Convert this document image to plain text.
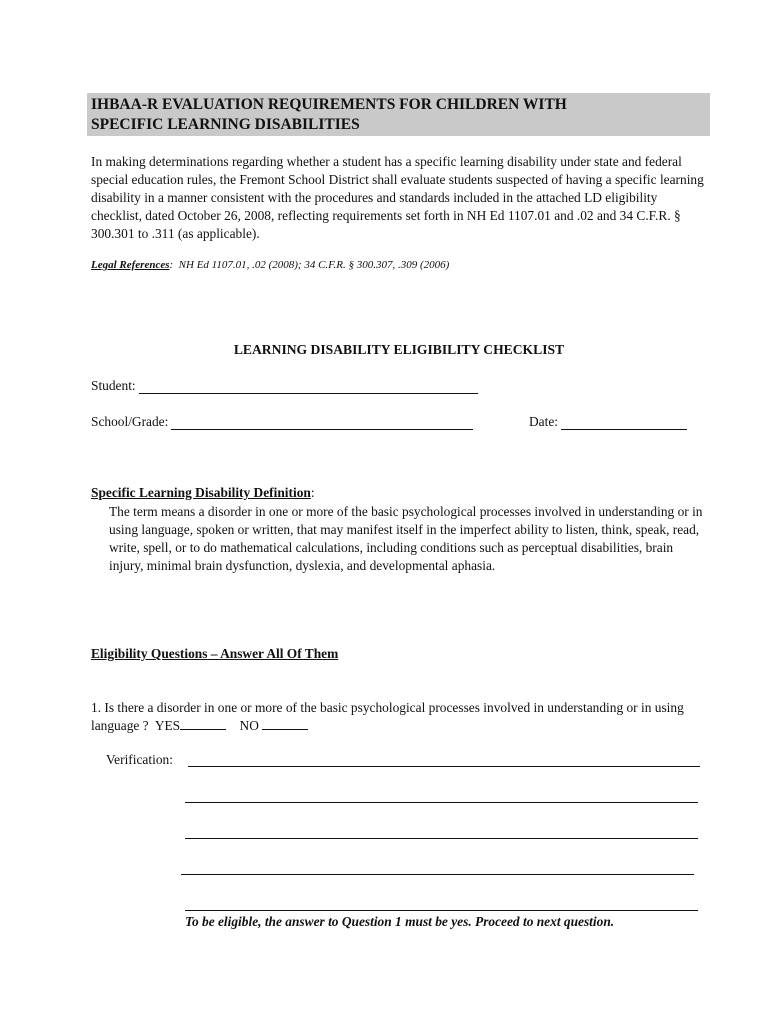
IHBAA-R EVALUATION REQUIREMENTS FOR CHILDREN WITH
SPECIFIC LEARNING DISABILITIES

In making determinations regarding whether a student has a specific learning disability under state and federal special education rules, the Fremont School District shall evaluate students suspected of having a specific learning disability in a manner consistent with the procedures and standards included in the attached LD eligibility checklist, dated October 26, 2008, reflecting requirements set forth in NH Ed 1107.01 and .02 and 34 C.F.R. § 300.301 to .311 (as applicable).

Legal References: NH Ed 1107.01, .02 (2008); 34 C.F.R. § 300.307, .309 (2006)

LEARNING DISABILITY ELIGIBILITY CHECKLIST
Student:
School/Grade:	Date:

Specific Learning Disability Definition:

The term means a disorder in one or more of the basic psychological processes involved in understanding or in using language, spoken or written, that may manifest itself in the imperfect ability to listen, think, speak, read, write, spell, or to do mathematical calculations, including conditions such as perceptual disabilities, brain injury, minimal brain dysfunction, dyslexia, and developmental aphasia.

Eligibility Questions – Answer All Of Them

1. Is there a disorder in one or more of the basic psychological processes involved in understanding or in using language ? YES	NO

Verification:

To be eligible, the answer to Question 1 must be yes. Proceed to next question.
